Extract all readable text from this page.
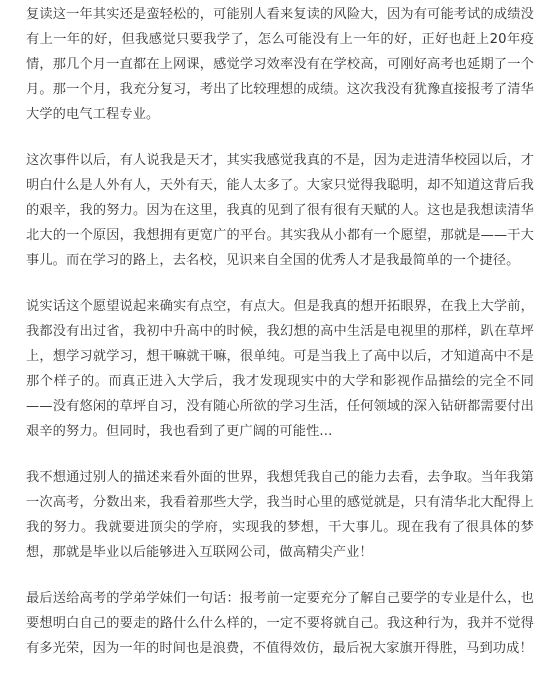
复读这一年其实还是蛮轻松的，可能别人看来复读的风险大，因为有可能考试的成绩没有上一年的好，但我感觉只要我学了，怎么可能没有上一年的好，正好也赶上20年疫情，那几个月一直都在上网课，感觉学习效率没有在学校高，可刚好高考也延期了一个月。那一个月，我充分复习，考出了比较理想的成绩。这次我没有犹豫直接报考了清华大学的电气工程专业。

这次事件以后，有人说我是天才，其实我感觉我真的不是，因为走进清华校园以后，才明白什么是人外有人，天外有天，能人太多了。大家只觉得我聪明，却不知道这背后我的艰辛，我的努力。因为在这里，我真的见到了很有很有天赋的人。这也是我想读清华北大的一个原因，我想拥有更宽广的平台。其实我从小都有一个愿望，那就是——干大事儿。而在学习的路上，去名校，见识来自全国的优秀人才是我最简单的一个捷径。

说实话这个愿望说起来确实有点空，有点大。但是我真的想开拓眼界，在我上大学前，我都没有出过省，我初中升高中的时候，我幻想的高中生活是电视里的那样，趴在草坪上，想学习就学习，想干嘛就干嘛，很单纯。可是当我上了高中以后，才知道高中不是那个样子的。而真正进入大学后，我才发现现实中的大学和影视作品描绘的完全不同——没有悠闲的草坪自习，没有随心所欲的学习生活，任何领域的深入钻研都需要付出艰辛的努力。但同时，我也看到了更广阔的可能性...

我不想通过别人的描述来看外面的世界，我想凭我自己的能力去看，去争取。当年我第一次高考，分数出来，我看着那些大学，我当时心里的感觉就是，只有清华北大配得上我的努力。我就要进顶尖的学府，实现我的梦想，干大事儿。现在我有了很具体的梦想，那就是毕业以后能够进入互联网公司，做高精尖产业！

最后送给高考的学弟学妹们一句话：报考前一定要充分了解自己要学的专业是什么，也要想明白自己的要走的路什么什么样的，一定不要将就自己。我这种行为，我并不觉得有多光荣，因为一年的时间也是浪费，不值得效仿，最后祝大家旗开得胜，马到功成！
